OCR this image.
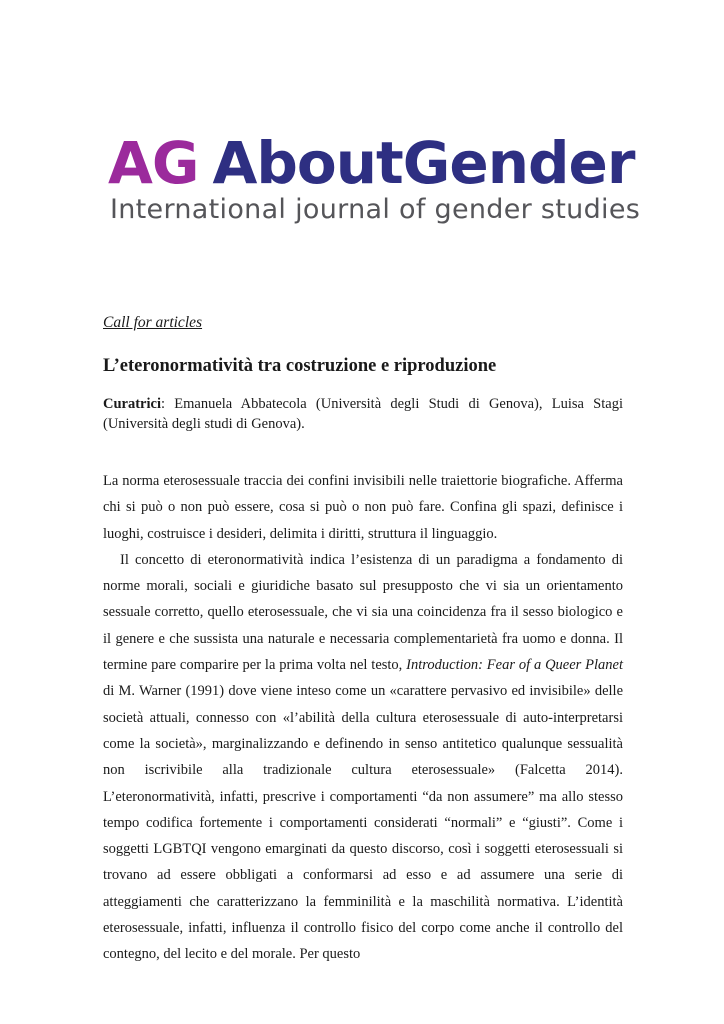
AG AboutGender
International journal of gender studies

Call for articles

L’eteronormatività tra costruzione e riproduzione

Curatrici: Emanuela Abbatecola (Università degli Studi di Genova), Luisa Stagi (Università degli studi di Genova).

La norma eterosessuale traccia dei confini invisibili nelle traiettorie biografiche. Afferma chi si può o non può essere, cosa si può o non può fare. Confina gli spazi, definisce i luoghi, costruisce i desideri, delimita i diritti, struttura il linguaggio.

Il concetto di eteronormatività indica l’esistenza di un paradigma a fondamento di norme morali, sociali e giuridiche basato sul presupposto che vi sia un orientamento sessuale corretto, quello eterosessuale, che vi sia una coincidenza fra il sesso biologico e il genere e che sussista una naturale e necessaria complementarietà fra uomo e donna. Il termine pare comparire per la prima volta nel testo, Introduction: Fear of a Queer Planet di M. Warner (1991) dove viene inteso come un «carattere pervasivo ed invisibile» delle società attuali, connesso con «l’abilità della cultura eterosessuale di auto-interpretarsi come la società», marginalizzando e definendo in senso antitetico qualunque sessualità non iscrivibile alla tradizionale cultura eterosessuale» (Falcetta 2014). L’eteronormatività, infatti, prescrive i comportamenti “da non assumere” ma allo stesso tempo codifica fortemente i comportamenti considerati “normali” e “giusti”. Come i soggetti LGBTQI vengono emarginati da questo discorso, così i soggetti eterosessuali si trovano ad essere obbligati a conformarsi ad esso e ad assumere una serie di atteggiamenti che caratterizzano la femminilità e la maschilità normativa. L’identità eterosessuale, infatti, influenza il controllo fisico del corpo come anche il controllo del contegno, del lecito e del morale. Per questo
